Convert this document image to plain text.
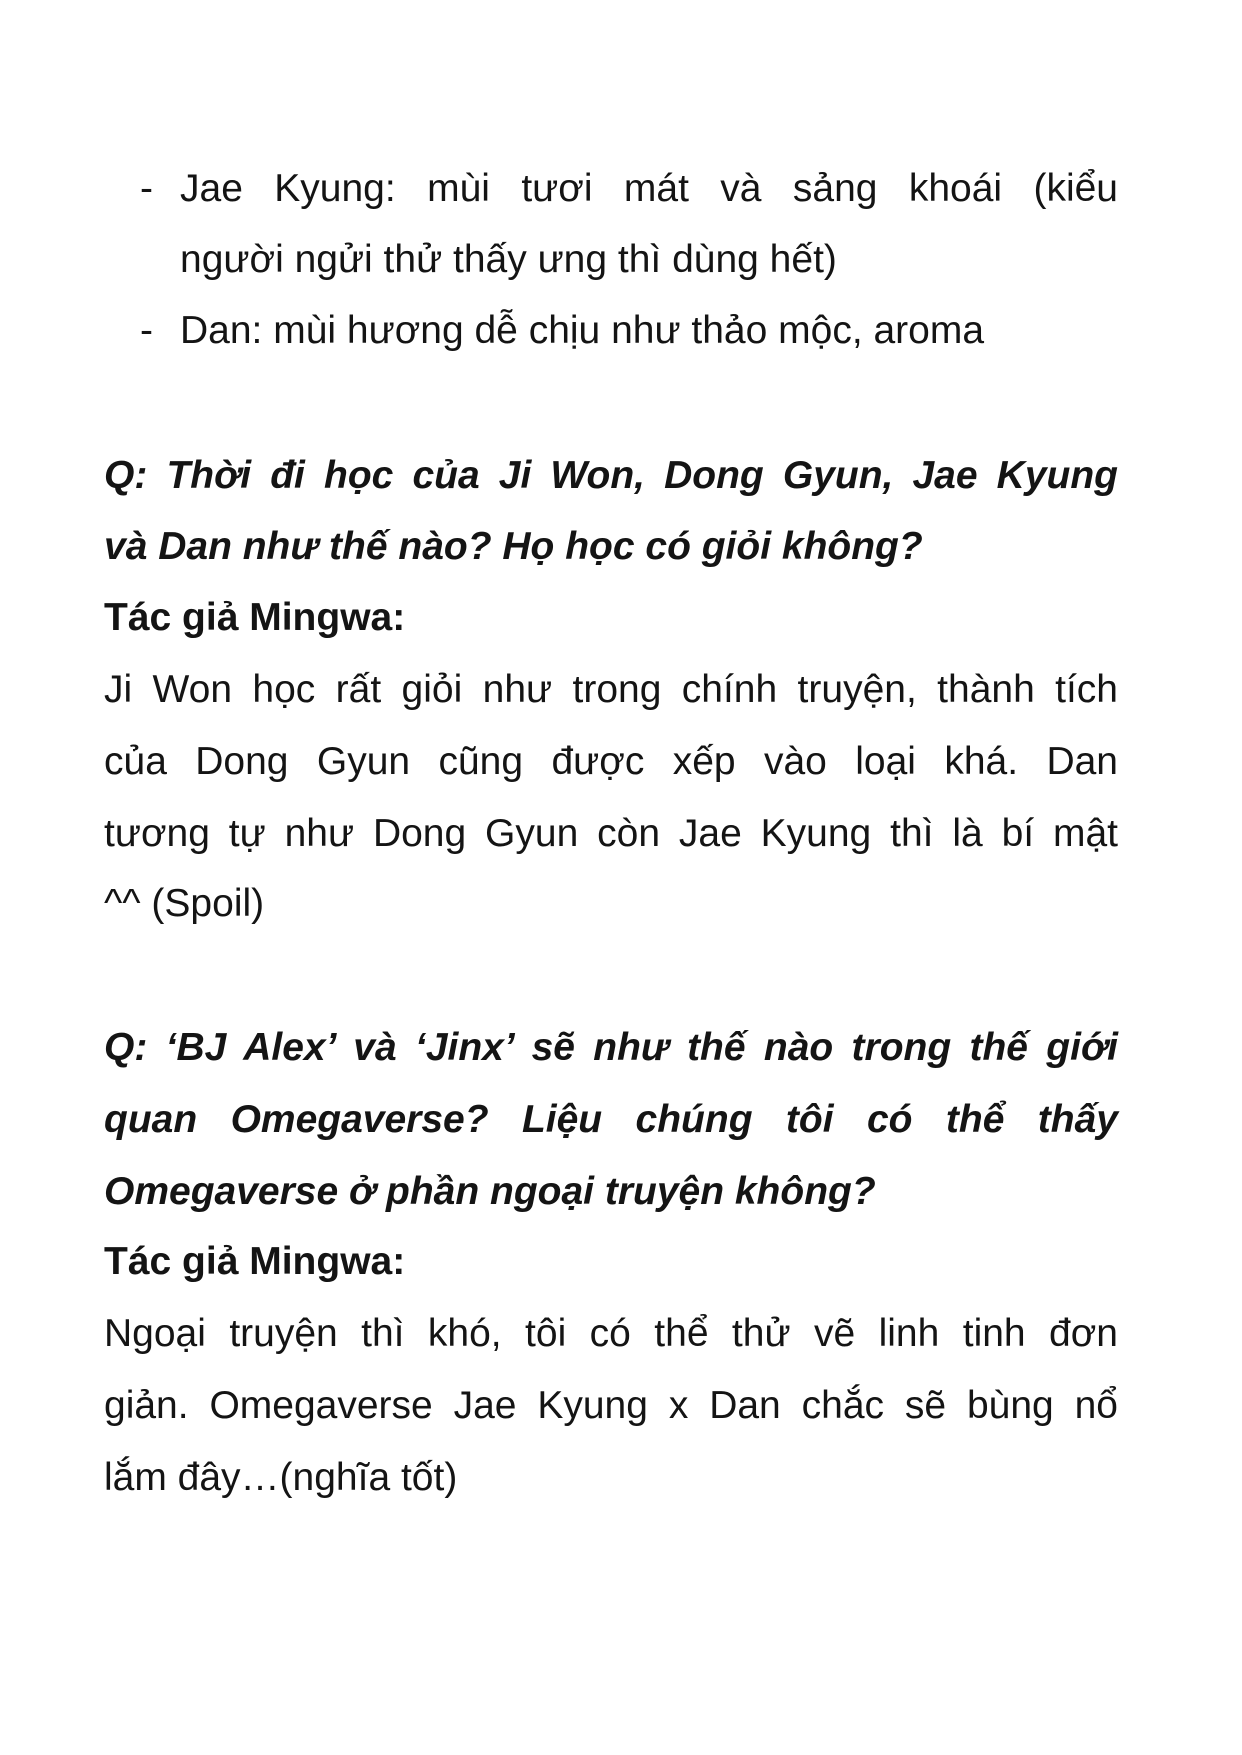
- Jae Kyung: mùi tươi mát và sảng khoái (kiểu

người ngửi thử thấy ưng thì dùng hết)

- Dan: mùi hương dễ chịu như thảo mộc, aroma

Q: Thời đi học của Ji Won, Dong Gyun, Jae Kyung

và Dan như thế nào? Họ học có giỏi không?

Tác giả Mingwa:

Ji Won học rất giỏi như trong chính truyện, thành tích

của Dong Gyun cũng được xếp vào loại khá. Dan

tương tự như Dong Gyun còn Jae Kyung thì là bí mật

^^ (Spoil)

Q: ‘BJ Alex’ và ‘Jinx’ sẽ như thế nào trong thế giới

quan Omegaverse? Liệu chúng tôi có thể thấy

Omegaverse ở phần ngoại truyện không?

Tác giả Mingwa:

Ngoại truyện thì khó, tôi có thể thử vẽ linh tinh đơn

giản. Omegaverse Jae Kyung x Dan chắc sẽ bùng nổ

lắm đây…(nghĩa tốt)
